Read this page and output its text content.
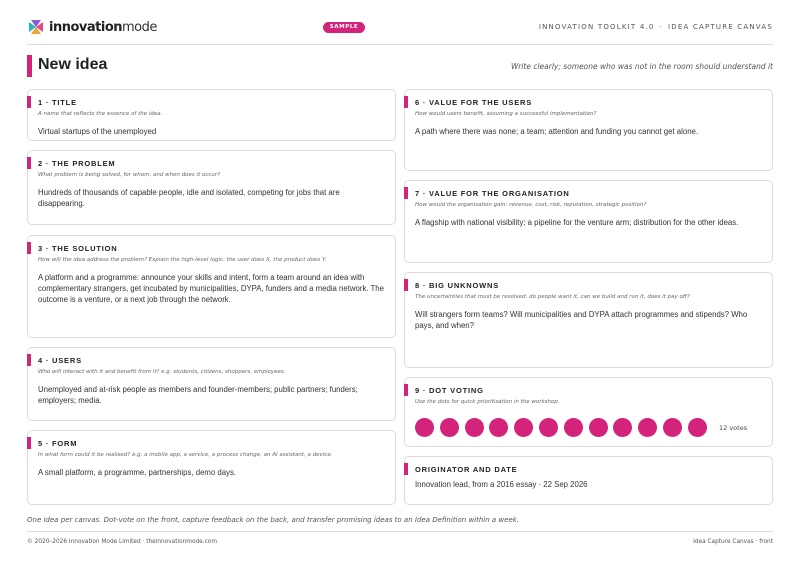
innovationmode	SAMPLE	INNOVATION TOOLKIT 4.0 · IDEA CAPTURE CANVAS
New idea	Write clearly; someone who was not in the room should understand it
1 · TITLE
A name that reflects the essence of the idea.
Virtual startups of the unemployed
2 · THE PROBLEM
What problem is being solved, for whom, and when does it occur?
Hundreds of thousands of capable people, idle and isolated, competing for jobs that are disappearing.
3 · THE SOLUTION
How will the idea address the problem? Explain the high-level logic: the user does X, the product does Y.
A platform and a programme: announce your skills and intent, form a team around an idea with complementary strangers, get incubated by municipalities, DYPA, funders and a media network. The outcome is a venture, or a next job through the network.
4 · USERS
Who will interact with it and benefit from it? e.g. students, citizens, shoppers, employees.
Unemployed and at-risk people as members and founder-members; public partners; funders; employers; media.
5 · FORM
In what form could it be realised? e.g. a mobile app, a service, a process change, an AI assistant, a device.
A small platform, a programme, partnerships, demo days.
6 · VALUE FOR THE USERS
How would users benefit, assuming a successful implementation?
A path where there was none; a team; attention and funding you cannot get alone.
7 · VALUE FOR THE ORGANISATION
How would the organisation gain: revenue, cost, risk, reputation, strategic position?
A flagship with national visibility; a pipeline for the venture arm; distribution for the other ideas.
8 · BIG UNKNOWNS
The uncertainties that must be resolved: do people want it, can we build and run it, does it pay off?
Will strangers form teams? Will municipalities and DYPA attach programmes and stipends? Who pays, and when?
9 · DOT VOTING
Use the dots for quick prioritisation in the workshop.
12 votes
ORIGINATOR AND DATE
Innovation lead, from a 2016 essay · 22 Sep 2026
One idea per canvas. Dot-vote on the front, capture feedback on the back, and transfer promising ideas to an Idea Definition within a week.
© 2020–2026 Innovation Mode Limited · theinnovationmode.com	Idea Capture Canvas · front
